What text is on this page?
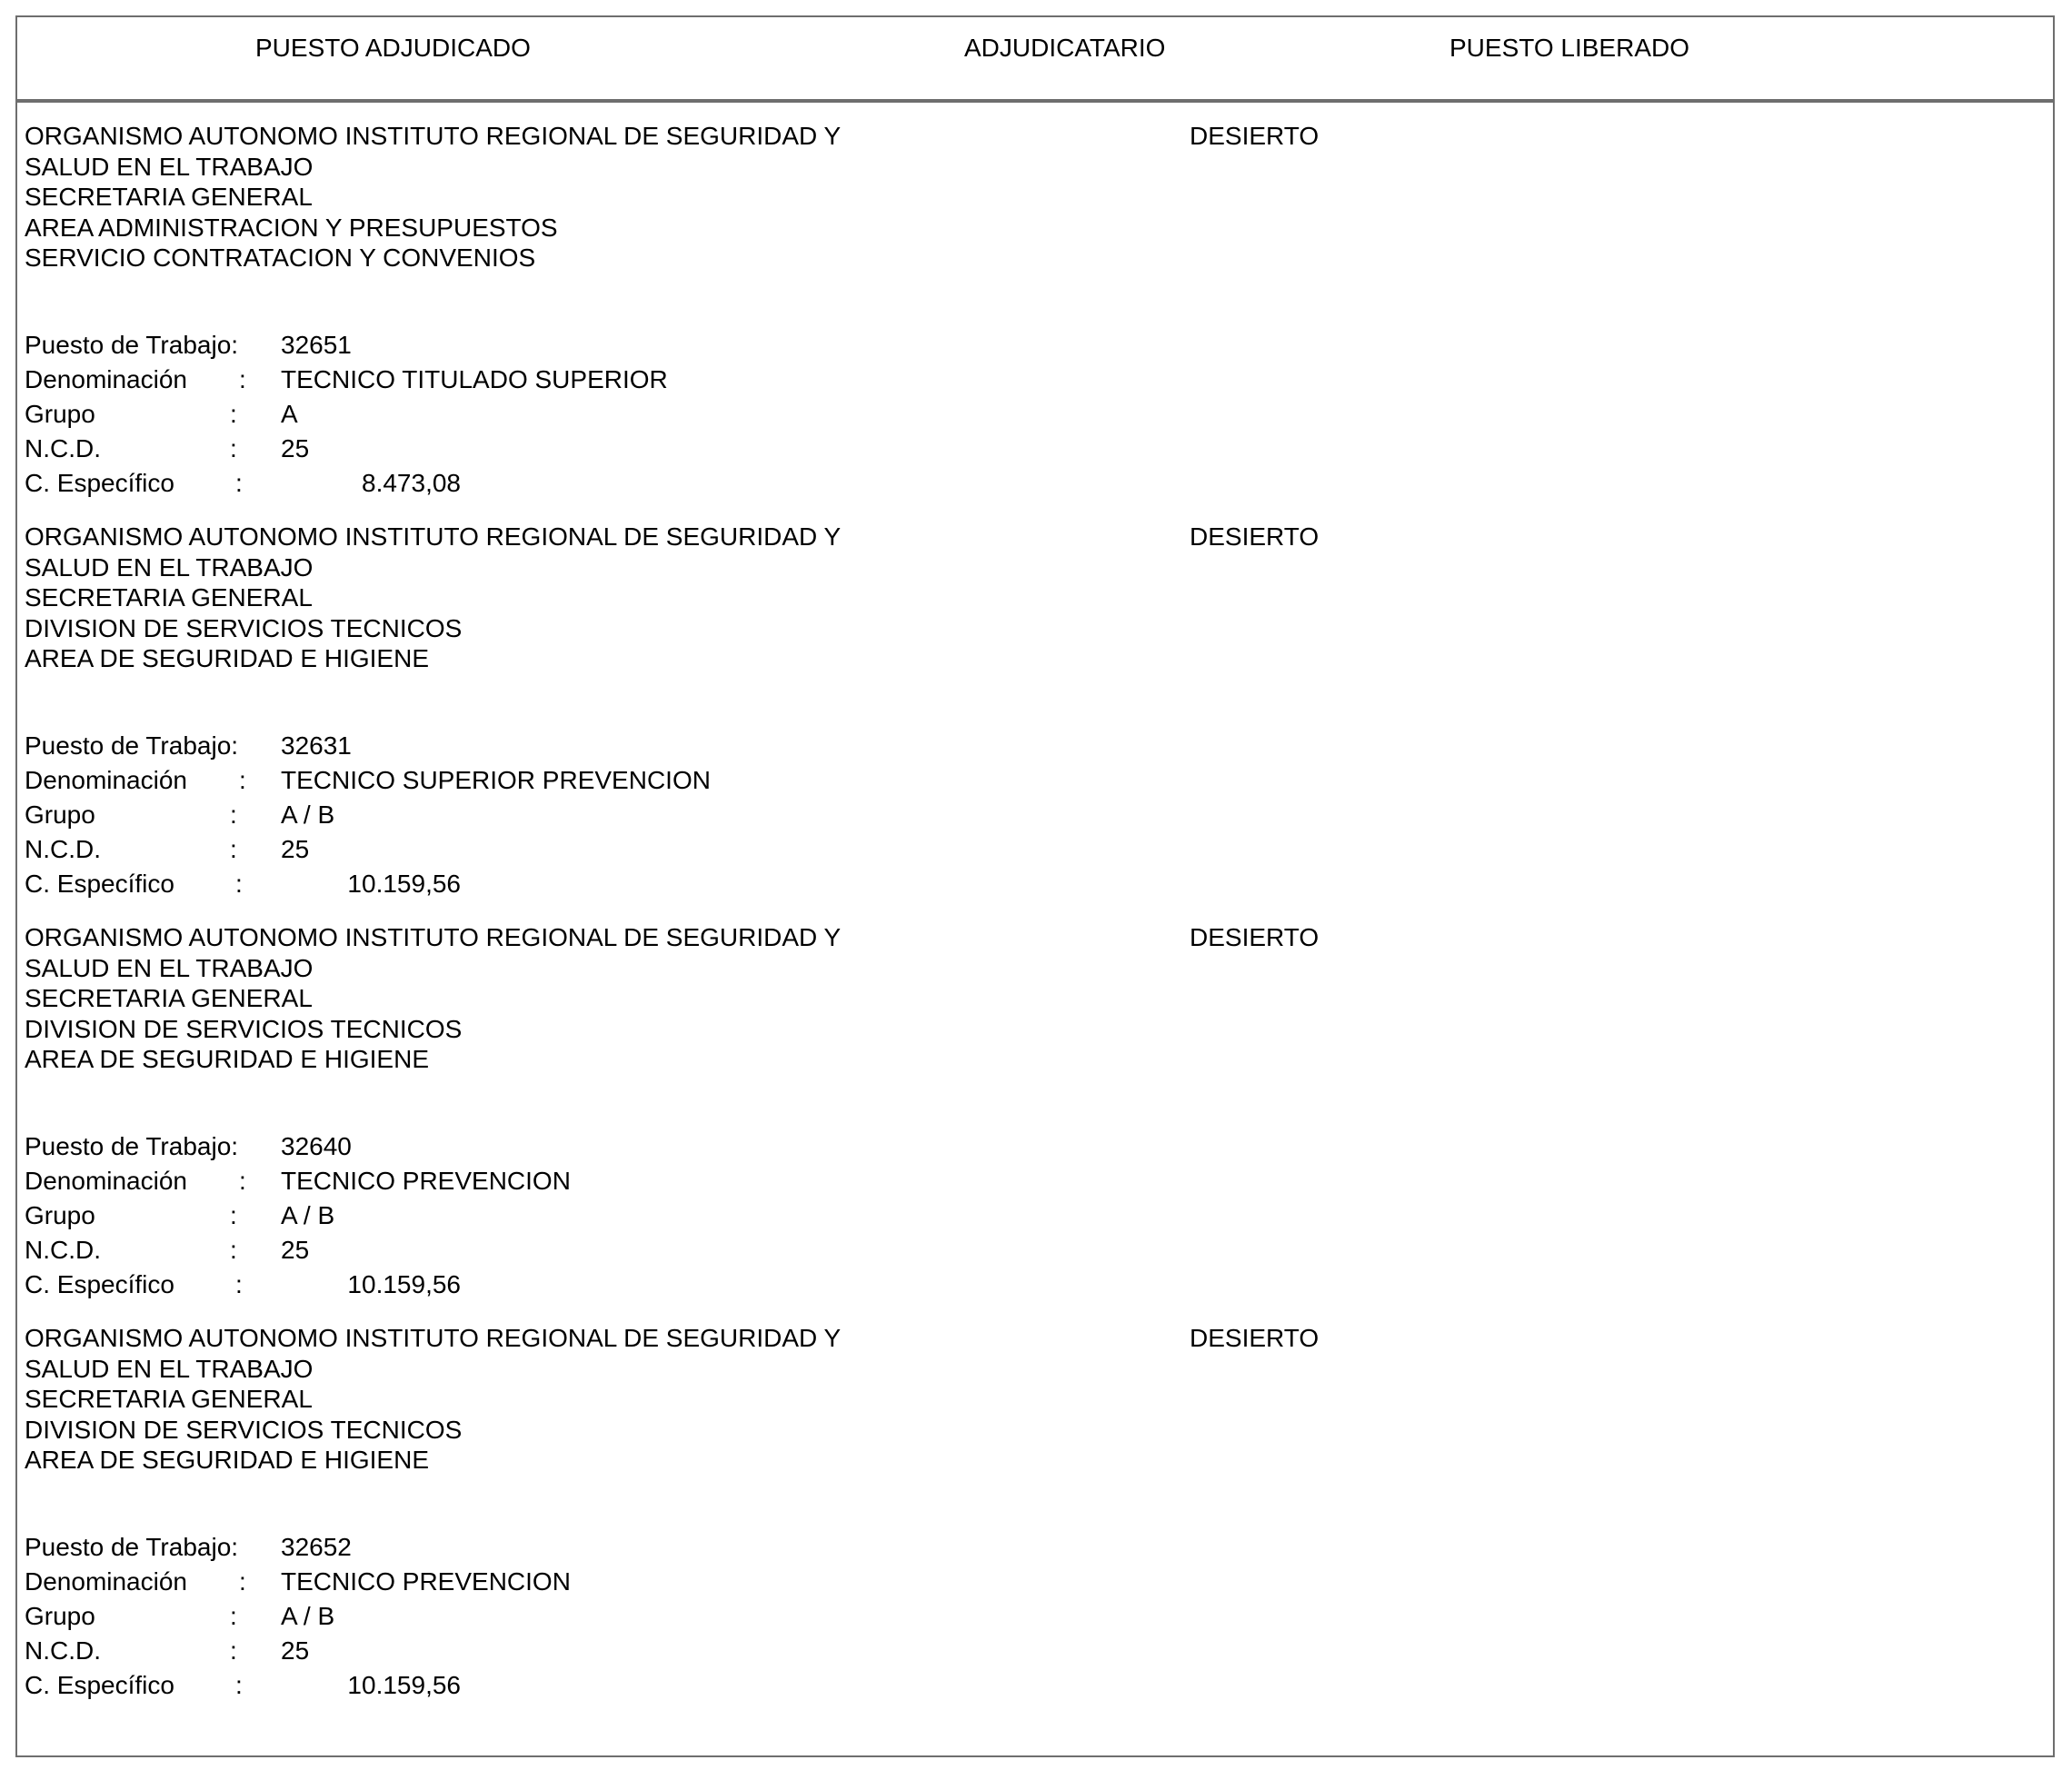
PUESTO ADJUDICADO	ADJUDICATARIO	PUESTO LIBERADO
ORGANISMO AUTONOMO INSTITUTO REGIONAL DE SEGURIDAD Y
SALUD EN EL TRABAJO
SECRETARIA GENERAL
AREA ADMINISTRACION Y PRESUPUESTOS
SERVICIO CONTRATACION Y CONVENIOS
DESIERTO
Puesto de Trabajo: 32651
Denominación : TECNICO TITULADO SUPERIOR
Grupo	: A
N.C.D.	: 25
C. Específico :	8.473,08
ORGANISMO AUTONOMO INSTITUTO REGIONAL DE SEGURIDAD Y
SALUD EN EL TRABAJO
SECRETARIA GENERAL
DIVISION DE SERVICIOS TECNICOS
AREA DE SEGURIDAD E HIGIENE
DESIERTO
Puesto de Trabajo: 32631
Denominación : TECNICO SUPERIOR PREVENCION
Grupo	: A / B
N.C.D.	: 25
C. Específico :	10.159,56
ORGANISMO AUTONOMO INSTITUTO REGIONAL DE SEGURIDAD Y
SALUD EN EL TRABAJO
SECRETARIA GENERAL
DIVISION DE SERVICIOS TECNICOS
AREA DE SEGURIDAD E HIGIENE
DESIERTO
Puesto de Trabajo: 32640
Denominación : TECNICO PREVENCION
Grupo	: A / B
N.C.D.	: 25
C. Específico :	10.159,56
ORGANISMO AUTONOMO INSTITUTO REGIONAL DE SEGURIDAD Y
SALUD EN EL TRABAJO
SECRETARIA GENERAL
DIVISION DE SERVICIOS TECNICOS
AREA DE SEGURIDAD E HIGIENE
DESIERTO
Puesto de Trabajo: 32652
Denominación : TECNICO PREVENCION
Grupo	: A / B
N.C.D.	: 25
C. Específico :	10.159,56
